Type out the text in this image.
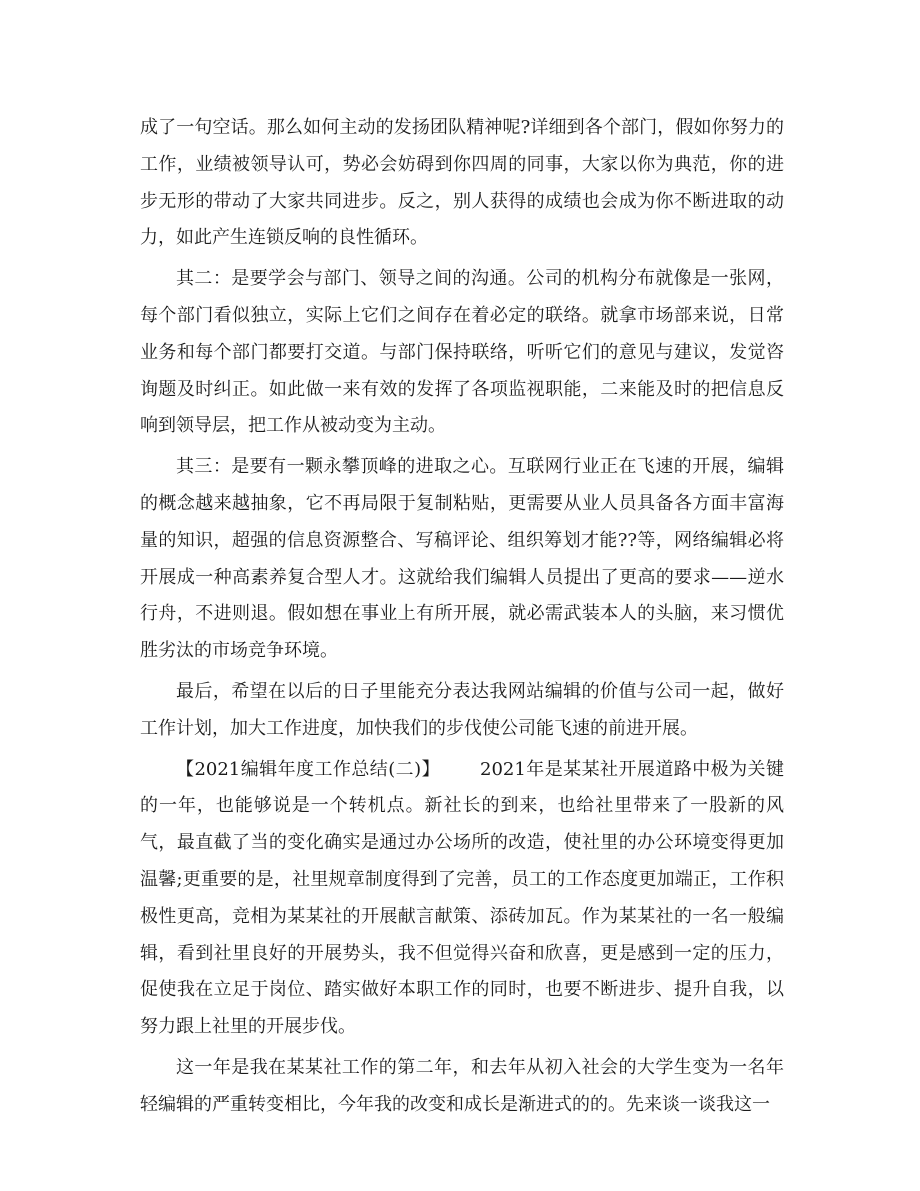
成了一句空话。那么如何主动的发扬团队精神呢?详细到各个部门，假如你努力的工作，业绩被领导认可，势必会妨碍到你四周的同事，大家以你为典范，你的进步无形的带动了大家共同进步。反之，别人获得的成绩也会成为你不断进取的动力，如此产生连锁反响的良性循环。

其二：是要学会与部门、领导之间的沟通。公司的机构分布就像是一张网，每个部门看似独立，实际上它们之间存在着必定的联络。就拿市场部来说，日常业务和每个部门都要打交道。与部门保持联络，听听它们的意见与建议，发觉咨询题及时纠正。如此做一来有效的发挥了各项监视职能，二来能及时的把信息反响到领导层，把工作从被动变为主动。

其三：是要有一颗永攀顶峰的进取之心。互联网行业正在飞速的开展，编辑的概念越来越抽象，它不再局限于复制粘贴，更需要从业人员具备各方面丰富海量的知识，超强的信息资源整合、写稿评论、组织筹划才能??等，网络编辑必将开展成一种高素养复合型人才。这就给我们编辑人员提出了更高的要求——逆水行舟，不进则退。假如想在事业上有所开展，就必需武装本人的头脑，来习惯优胜劣汰的市场竞争环境。

最后，希望在以后的日子里能充分表达我网站编辑的价值与公司一起，做好工作计划，加大工作进度，加快我们的步伐使公司能飞速的前进开展。

【2021编辑年度工作总结(二)】 2021年是某某社开展道路中极为关键的一年，也能够说是一个转机点。新社长的到来，也给社里带来了一股新的风气，最直截了当的变化确实是通过办公场所的改造，使社里的办公环境变得更加温馨;更重要的是，社里规章制度得到了完善，员工的工作态度更加端正，工作积极性更高，竞相为某某社的开展献言献策、添砖加瓦。作为某某社的一名一般编辑，看到社里良好的开展势头，我不但觉得兴奋和欣喜，更是感到一定的压力，促使我在立足于岗位、踏实做好本职工作的同时，也要不断进步、提升自我，以努力跟上社里的开展步伐。

这一年是我在某某社工作的第二年，和去年从初入社会的大学生变为一名年轻编辑的严重转变相比，今年我的改变和成长是渐进式的的。先来谈一谈我这一
